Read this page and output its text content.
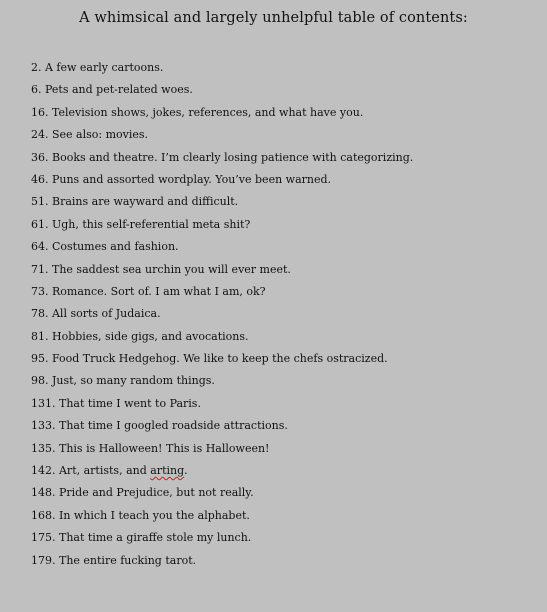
A whimsical and largely unhelpful table of contents:
2. A few early cartoons.
6. Pets and pet-related woes.
16. Television shows, jokes, references, and what have you.
24. See also: movies.
36. Books and theatre. I’m clearly losing patience with categorizing.
46. Puns and assorted wordplay. You’ve been warned.
51. Brains are wayward and difficult.
61. Ugh, this self-referential meta shit?
64. Costumes and fashion.
71. The saddest sea urchin you will ever meet.
73. Romance. Sort of. I am what I am, ok?
78. All sorts of Judaica.
81. Hobbies, side gigs, and avocations.
95. Food Truck Hedgehog. We like to keep the chefs ostracized.
98. Just, so many random things.
131. That time I went to Paris.
133. That time I googled roadside attractions.
135. This is Halloween! This is Halloween!
142. Art, artists, and arting.
148. Pride and Prejudice, but not really.
168. In which I teach you the alphabet.
175. That time a giraffe stole my lunch.
179. The entire fucking tarot.
